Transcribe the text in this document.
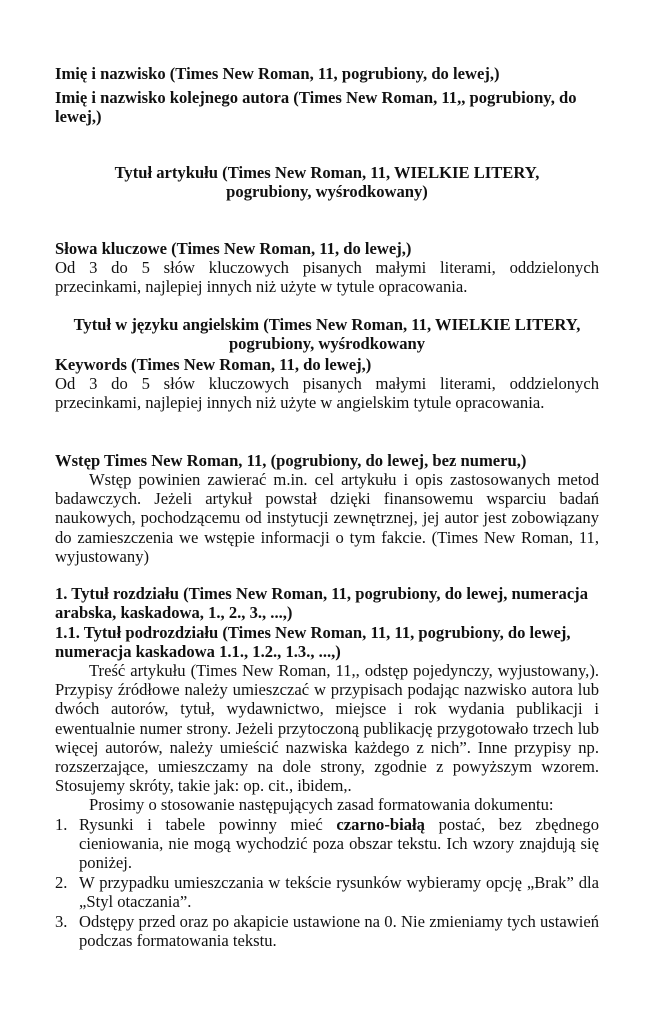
Imię i nazwisko (Times New Roman, 11, pogrubiony, do lewej,)

Imię i nazwisko kolejnego autora (Times New Roman, 11,, pogrubiony, do lewej,)

Tytuł artykułu (Times New Roman, 11, WIELKIE LITERY, pogrubiony, wyśrodkowany)

Słowa kluczowe (Times New Roman, 11, do lewej,)

Od 3 do 5 słów kluczowych pisanych małymi literami, oddzielonych przecinkami, najlepiej innych niż użyte w tytule opracowania.

Tytuł w języku angielskim (Times New Roman, 11, WIELKIE LITERY, pogrubiony, wyśrodkowany

Keywords (Times New Roman, 11, do lewej,)

Od 3 do 5 słów kluczowych pisanych małymi literami, oddzielonych przecinkami, najlepiej innych niż użyte w angielskim tytule opracowania.

Wstęp Times New Roman, 11, (pogrubiony, do lewej, bez numeru,)

Wstęp powinien zawierać m.in. cel artykułu i opis zastosowanych metod badawczych. Jeżeli artykuł powstał dzięki finansowemu wsparciu badań naukowych, pochodzącemu od instytucji zewnętrznej, jej autor jest zobowiązany do zamieszczenia we wstępie informacji o tym fakcie. (Times New Roman, 11, wyjustowany)

1. Tytuł rozdziału (Times New Roman, 11, pogrubiony, do lewej, numeracja arabska, kaskadowa, 1., 2., 3., ...,)

1.1. Tytuł podrozdziału (Times New Roman, 11, 11, pogrubiony, do lewej, numeracja kaskadowa 1.1., 1.2., 1.3., ...,)

Treść artykułu (Times New Roman, 11,, odstęp pojedynczy, wyjustowany,). Przypisy źródłowe należy umieszczać w przypisach podając nazwisko autora lub dwóch autorów, tytuł, wydawnictwo, miejsce i rok wydania publikacji i ewentualnie numer strony. Jeżeli przytoczoną publikację przygotowało trzech lub więcej autorów, należy umieścić nazwiska każdego z nich”. Inne przypisy np. rozszerzające, umieszczamy na dole strony, zgodnie z powyższym wzorem. Stosujemy skróty, takie jak: op. cit., ibidem,.

Prosimy o stosowanie następujących zasad formatowania dokumentu:

1. Rysunki i tabele powinny mieć czarno-białą postać, bez zbędnego cieniowania, nie mogą wychodzić poza obszar tekstu. Ich wzory znajdują się poniżej.
2. W przypadku umieszczania w tekście rysunków wybieramy opcję „Brak” dla „Styl otaczania”.
3. Odstępy przed oraz po akapicie ustawione na 0. Nie zmieniamy tych ustawień podczas formatowania tekstu.
